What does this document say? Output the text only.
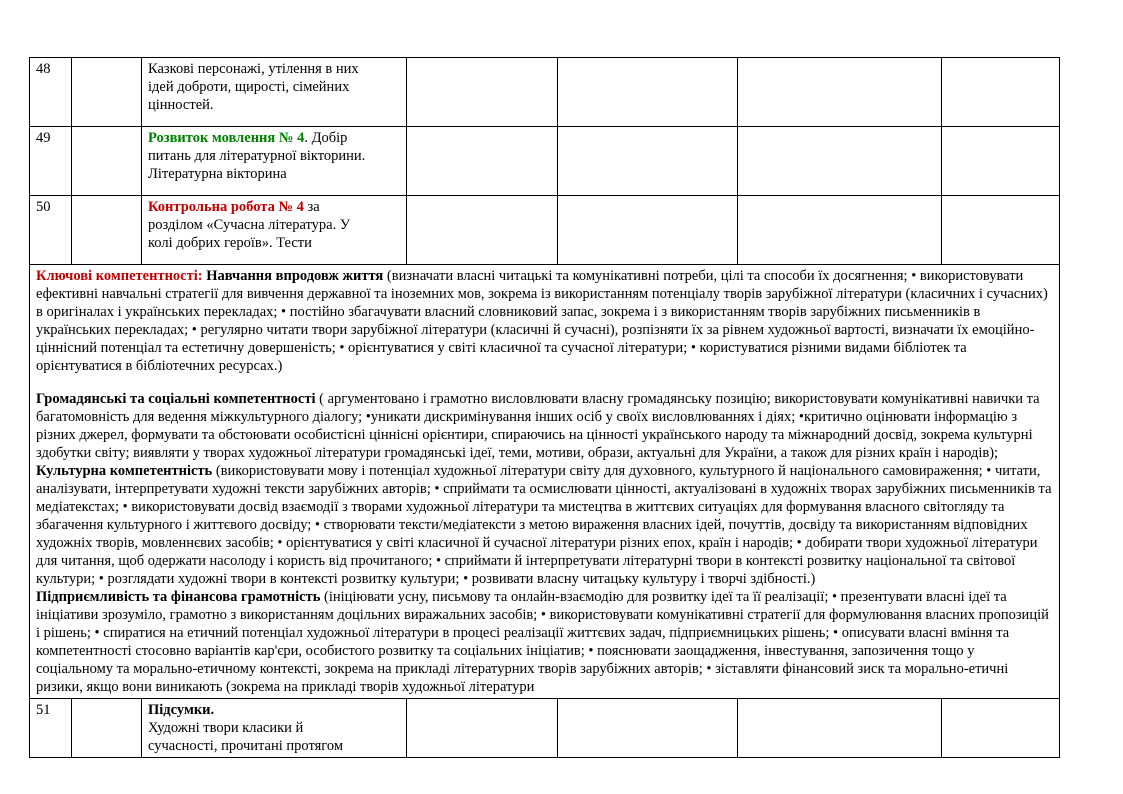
48		Казкові персонажі, утілення в них
ідей доброти, щирості, сімейних
цінностей.				
49		Розвиток мовлення № 4. Добір
питань для літературної вікторини.
Літературна вікторина				
50		Контрольна робота № 4 за
розділом «Сучасна література. У
колі добрих героїв». Тести				

Ключові компетентності: Навчання впродовж життя (визначати власні читацькі та комунікативні потреби, цілі та способи їх досягнення; • використовувати ефективні навчальні стратегії для вивчення державної та іноземних мов, зокрема із використанням потенціалу творів зарубіжної літератури (класичних і сучасних) в оригіналах і українських перекладах; • постійно збагачувати власний словниковий запас, зокрема і з використанням творів зарубіжних письменників в українських перекладах; • регулярно читати твори зарубіжної літератури (класичні й сучасні), розпізняти їх за рівнем художньої вартості, визначати їх емоційно-ціннісний потенціал та естетичну довершеність; • орієнтуватися у світі класичної та сучасної літератури; • користуватися різними видами бібліотек та орієнтуватися в бібліотечних ресурсах.)

Громадянські та соціальні компетентності ( аргументовано і грамотно висловлювати власну громадянську позицію; використовувати комунікативні навички та багатомовність для ведення міжкультурного діалогу; •уникати дискримінування інших осіб у своїх висловлюваннях і діях; •критично оцінювати інформацію з різних джерел, формувати та обстоювати особистісні ціннісні орієнтири, спираючись на цінності українського народу та міжнародний досвід, зокрема культурні здобутки світу; виявляти у творах художньої літератури громадянські ідеї, теми, мотиви, образи, актуальні для України, а також для різних країн і народів);

Культурна компетентність (використовувати мову і потенціал художньої літератури світу для духовного, культурного й національного самовираження; • читати, аналізувати, інтерпретувати художні тексти зарубіжних авторів; • сприймати та осмислювати цінності, актуалізовані в художніх творах зарубіжних письменників та медіатекстах; • використовувати досвід взаємодії з творами художньої літератури та мистецтва в життєвих ситуаціях для формування власного світогляду та збагачення культурного і життєвого досвіду; • створювати тексти/медіатексти з метою вираження власних ідей, почуттів, досвіду та використанням відповідних художніх творів, мовленнєвих засобів; • орієнтуватися у світі класичної й сучасної літератури різних епох, країн і народів; • добирати твори художньої літератури для читання, щоб одержати насолоду і користь від прочитаного; • сприймати й інтерпретувати літературні твори в контексті розвитку національної та світової культури; • розглядати художні твори в контексті розвитку культури; • розвивати власну читацьку культуру і творчі здібності.)

Підприємливість та фінансова грамотність (ініціювати усну, письмову та онлайн-взаємодію для розвитку ідеї та її реалізації; • презентувати власні ідеї та ініціативи зрозуміло, грамотно з використанням доцільних виражальних засобів; • використовувати комунікативні стратегії для формулювання власних пропозицій і рішень; • спиратися на етичний потенціал художньої літератури в процесі реалізації життєвих задач, підприємницьких рішень; • описувати власні вміння та компетентності стосовно варіантів кар'єри, особистого розвитку та соціальних ініціатив; • пояснювати заощадження, інвестування, запозичення тощо у соціальному та морально-етичному контексті, зокрема на прикладі літературних творів зарубіжних авторів; • зіставляти фінансовий зиск та морально-етичні ризики, якщо вони виникають (зокрема на прикладі творів художньої літератури						

51		Підсумки.
Художні твори класики й
сучасності, прочитані протягом				
